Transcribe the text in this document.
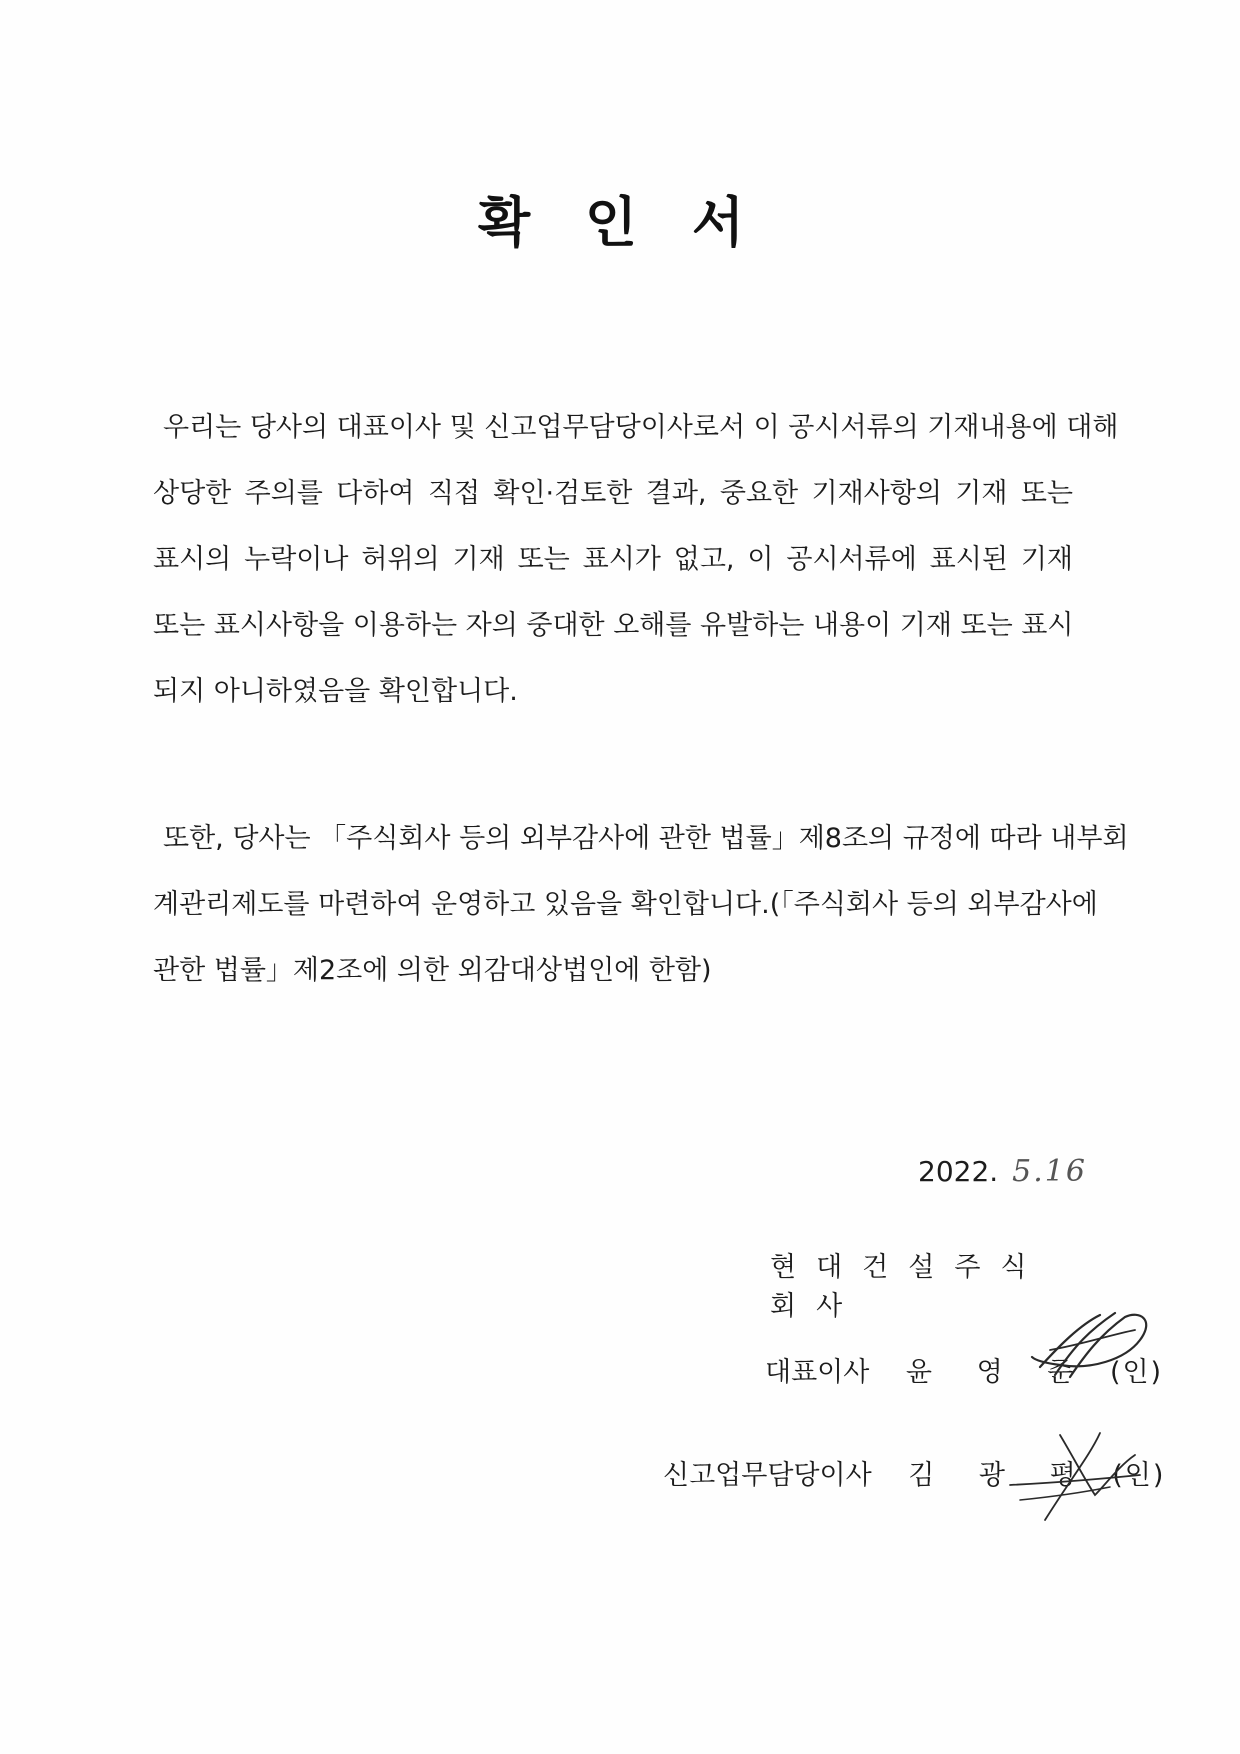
확 인 서
우리는 당사의 대표이사 및 신고업무담당이사로서 이 공시서류의 기재내용에 대해
상당한 주의를 다하여 직접 확인·검토한 결과, 중요한 기재사항의 기재 또는
표시의 누락이나 허위의 기재 또는 표시가 없고, 이 공시서류에 표시된 기재
또는 표시사항을 이용하는 자의 중대한 오해를 유발하는 내용이 기재 또는 표시
되지 아니하였음을 확인합니다.
또한, 당사는 「주식회사 등의 외부감사에 관한 법률」제8조의 규정에 따라 내부회
계관리제도를 마련하여 운영하고 있음을 확인합니다.(「주식회사 등의 외부감사에
관한 법률」제2조에 의한 외감대상법인에 한함)
2022. 5.16
현대건설주식회사
대표이사 윤 영 준 (인)
신고업무담당이사 김 광 평 (인)
